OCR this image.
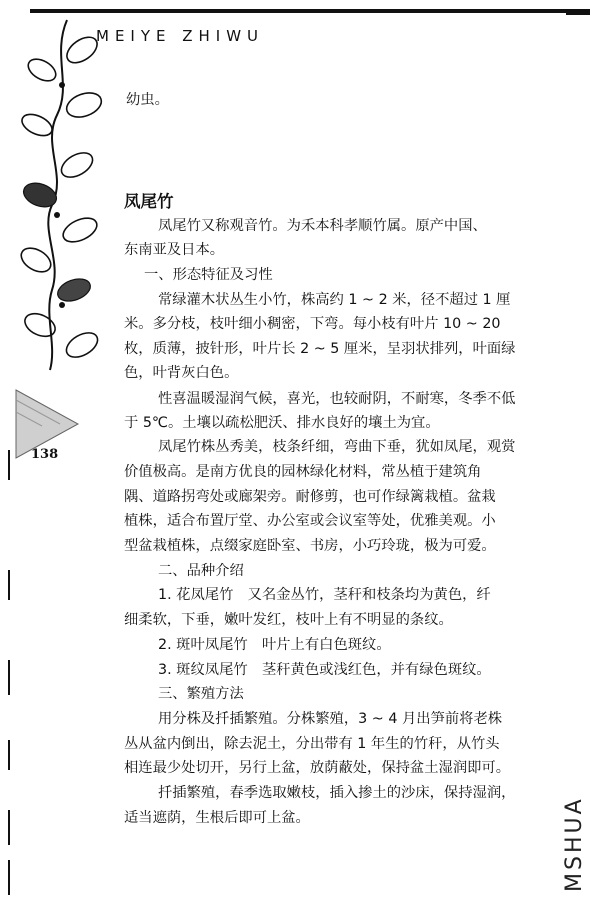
MEIYE ZHIWU
138
幼虫。
凤尾竹
凤尾竹又称观音竹。为禾本科孝顺竹属。原产中国、
东南亚及日本。
一、形态特征及习性
常绿灌木状丛生小竹，株高约 1 ~ 2 米，径不超过 1 厘
米。多分枝，枝叶细小稠密，下弯。每小枝有叶片 10 ~ 20
枚，质薄，披针形，叶片长 2 ~ 5 厘米，呈羽状排列，叶面绿
色，叶背灰白色。
性喜温暖湿润气候，喜光，也较耐阴，不耐寒，冬季不低
于 5℃。土壤以疏松肥沃、排水良好的壤土为宜。
凤尾竹株丛秀美，枝条纤细，弯曲下垂，犹如凤尾，观赏
价值极高。是南方优良的园林绿化材料，常丛植于建筑角
隅、道路拐弯处或廊架旁。耐修剪，也可作绿篱栽植。盆栽
植株，适合布置厅堂、办公室或会议室等处，优雅美观。小
型盆栽植株，点缀家庭卧室、书房，小巧玲珑，极为可爱。
二、品种介绍
1. 花凤尾竹　又名金丛竹，茎秆和枝条均为黄色，纤
细柔软，下垂，嫩叶发红，枝叶上有不明显的条纹。
2. 斑叶凤尾竹　叶片上有白色斑纹。
3. 斑纹凤尾竹　茎秆黄色或浅红色，并有绿色斑纹。
三、繁殖方法
用分株及扦插繁殖。分株繁殖，3 ~ 4 月出笋前将老株
丛从盆内倒出，除去泥土，分出带有 1 年生的竹秆，从竹头
相连最少处切开，另行上盆，放荫蔽处，保持盆土湿润即可。
扦插繁殖，春季选取嫩枝，插入掺土的沙床，保持湿润，
适当遮荫，生根后即可上盆。	MSHUA
